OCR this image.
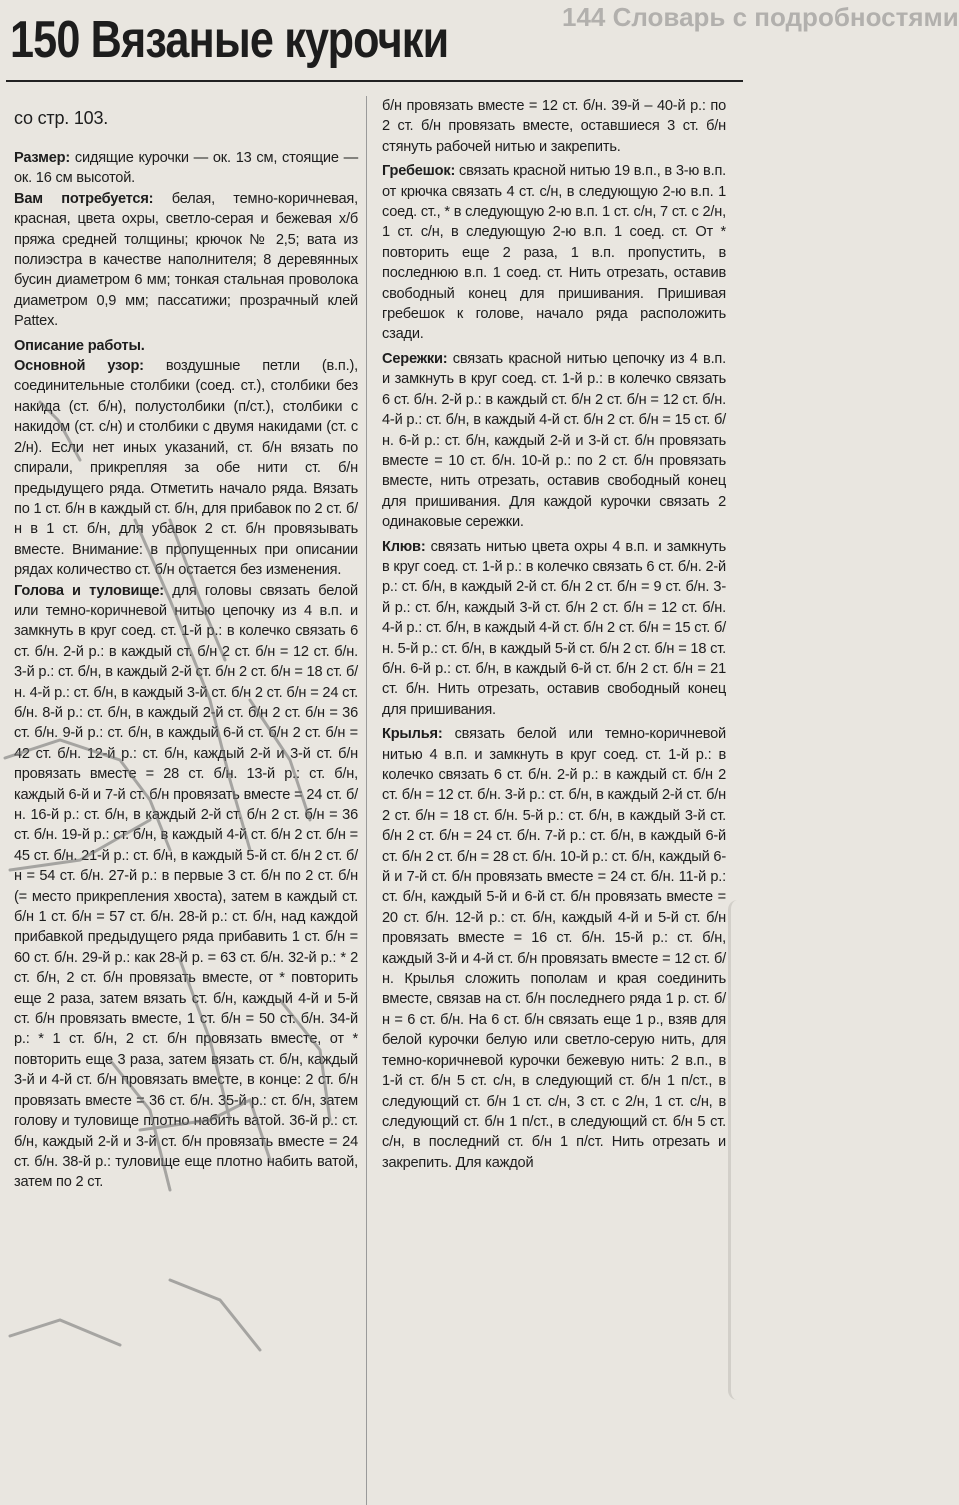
150 Вязаные курочки	144 Словарь с подробностями

со стр. 103.

Размер: сидящие курочки — ок. 13 см, стоящие — ок. 16 см высотой.

Вам потребуется: белая, темно-коричневая, красная, цвета охры, светло-серая и бежевая х/б пряжа средней толщины; крючок № 2,5; вата из полиэстра в качестве наполнителя; 8 деревянных бусин диаметром 6 мм; тонкая стальная проволока диаметром 0,9 мм; пассатижи; прозрачный клей Pattex.

Описание работы.

Основной узор: воздушные петли (в.п.), соединительные столбики (соед. ст.), столбики без накида (ст. б/н), полустолбики (п/ст.), столбики с накидом (ст. с/н) и столбики с двумя накидами (ст. с 2/н). Если нет иных указаний, ст. б/н вязать по спирали, прикрепляя за обе нити ст. б/н предыдущего ряда. Отметить начало ряда. Вязать по 1 ст. б/н в каждый ст. б/н, для прибавок по 2 ст. б/н в 1 ст. б/н, для убавок 2 ст. б/н провязывать вместе. Внимание: в пропущенных при описании рядах количество ст. б/н остается без изменения.

Голова и туловище: для головы связать белой или темно-коричневой нитью цепочку из 4 в.п. и замкнуть в круг соед. ст. 1-й р.: в колечко связать 6 ст. б/н. 2-й р.: в каждый ст. б/н 2 ст. б/н = 12 ст. б/н. 3-й р.: ст. б/н, в каждый 2-й ст. б/н 2 ст. б/н = 18 ст. б/н. 4-й р.: ст. б/н, в каждый 3-й ст. б/н 2 ст. б/н = 24 ст. б/н. 8-й р.: ст. б/н, в каждый 2-й ст. б/н 2 ст. б/н = 36 ст. б/н. 9-й р.: ст. б/н, в каждый 6-й ст. б/н 2 ст. б/н = 42 ст. б/н. 12-й р.: ст. б/н, каждый 2-й и 3-й ст. б/н провязать вместе = 28 ст. б/н. 13-й р.: ст. б/н, каждый 6-й и 7-й ст. б/н провязать вместе = 24 ст. б/н. 16-й р.: ст. б/н, в каждый 2-й ст. б/н 2 ст. б/н = 36 ст. б/н. 19-й р.: ст. б/н, в каждый 4-й ст. б/н 2 ст. б/н = 45 ст. б/н. 21-й р.: ст. б/н, в каждый 5-й ст. б/н 2 ст. б/н = 54 ст. б/н. 27-й р.: в первые 3 ст. б/н по 2 ст. б/н (= место прикрепления хвоста), затем в каждый ст. б/н 1 ст. б/н = 57 ст. б/н. 28-й р.: ст. б/н, над каждой прибавкой предыдущего ряда прибавить 1 ст. б/н = 60 ст. б/н. 29-й р.: как 28-й р. = 63 ст. б/н. 32-й р.: * 2 ст. б/н, 2 ст. б/н провязать вместе, от * повторить еще 2 раза, затем вязать ст. б/н, каждый 4-й и 5-й ст. б/н провязать вместе, 1 ст. б/н = 50 ст. б/н. 34-й р.: * 1 ст. б/н, 2 ст. б/н провязать вместе, от * повторить еще 3 раза, затем вязать ст. б/н, каждый 3-й и 4-й ст. б/н провязать вместе, в конце: 2 ст. б/н провязать вместе = 36 ст. б/н. 35-й р.: ст. б/н, затем голову и туловище плотно набить ватой. 36-й р.: ст. б/н, каждый 2-й и 3-й ст. б/н провязать вместе = 24 ст. б/н. 38-й р.: туловище еще плотно набить ватой, затем по 2 ст.

б/н провязать вместе = 12 ст. б/н. 39-й – 40-й р.: по 2 ст. б/н провязать вместе, оставшиеся 3 ст. б/н стянуть рабочей нитью и закрепить.

Гребешок: связать красной нитью 19 в.п., в 3-ю в.п. от крючка связать 4 ст. с/н, в следующую 2-ю в.п. 1 соед. ст., * в следующую 2-ю в.п. 1 ст. с/н, 7 ст. с 2/н, 1 ст. с/н, в следующую 2-ю в.п. 1 соед. ст. От * повторить еще 2 раза, 1 в.п. пропустить, в последнюю в.п. 1 соед. ст. Нить отрезать, оставив свободный конец для пришивания. Пришивая гребешок к голове, начало ряда расположить сзади.

Сережки: связать красной нитью цепочку из 4 в.п. и замкнуть в круг соед. ст. 1-й р.: в колечко связать 6 ст. б/н. 2-й р.: в каждый ст. б/н 2 ст. б/н = 12 ст. б/н. 4-й р.: ст. б/н, в каждый 4-й ст. б/н 2 ст. б/н = 15 ст. б/н. 6-й р.: ст. б/н, каждый 2-й и 3-й ст. б/н провязать вместе = 10 ст. б/н. 10-й р.: по 2 ст. б/н провязать вместе, нить отрезать, оставив свободный конец для пришивания. Для каждой курочки связать 2 одинаковые сережки.

Клюв: связать нитью цвета охры 4 в.п. и замкнуть в круг соед. ст. 1-й р.: в колечко связать 6 ст. б/н. 2-й р.: ст. б/н, в каждый 2-й ст. б/н 2 ст. б/н = 9 ст. б/н. 3-й р.: ст. б/н, каждый 3-й ст. б/н 2 ст. б/н = 12 ст. б/н. 4-й р.: ст. б/н, в каждый 4-й ст. б/н 2 ст. б/н = 15 ст. б/н. 5-й р.: ст. б/н, в каждый 5-й ст. б/н 2 ст. б/н = 18 ст. б/н. 6-й р.: ст. б/н, в каждый 6-й ст. б/н 2 ст. б/н = 21 ст. б/н. Нить отрезать, оставив свободный конец для пришивания.

Крылья: связать белой или темно-коричневой нитью 4 в.п. и замкнуть в круг соед. ст. 1-й р.: в колечко связать 6 ст. б/н. 2-й р.: в каждый ст. б/н 2 ст. б/н = 12 ст. б/н. 3-й р.: ст. б/н, в каждый 2-й ст. б/н 2 ст. б/н = 18 ст. б/н. 5-й р.: ст. б/н, в каждый 3-й ст. б/н 2 ст. б/н = 24 ст. б/н. 7-й р.: ст. б/н, в каждый 6-й ст. б/н 2 ст. б/н = 28 ст. б/н. 10-й р.: ст. б/н, каждый 6-й и 7-й ст. б/н провязать вместе = 24 ст. б/н. 11-й р.: ст. б/н, каждый 5-й и 6-й ст. б/н провязать вместе = 20 ст. б/н. 12-й р.: ст. б/н, каждый 4-й и 5-й ст. б/н провязать вместе = 16 ст. б/н. 15-й р.: ст. б/н, каждый 3-й и 4-й ст. б/н провязать вместе = 12 ст. б/н. Крылья сложить пополам и края соединить вместе, связав на ст. б/н последнего ряда 1 р. ст. б/н = 6 ст. б/н. На 6 ст. б/н связать еще 1 р., взяв для белой курочки белую или светло-серую нить, для темно-коричневой курочки бежевую нить: 2 в.п., в 1-й ст. б/н 5 ст. с/н, в следующий ст. б/н 1 п/ст., в следующий ст. б/н 1 ст. с/н, 3 ст. с 2/н, 1 ст. с/н, в следующий ст. б/н 1 п/ст., в следующий ст. б/н 5 ст. с/н, в последний ст. б/н 1 п/ст. Нить отрезать и закрепить. Для каждой
